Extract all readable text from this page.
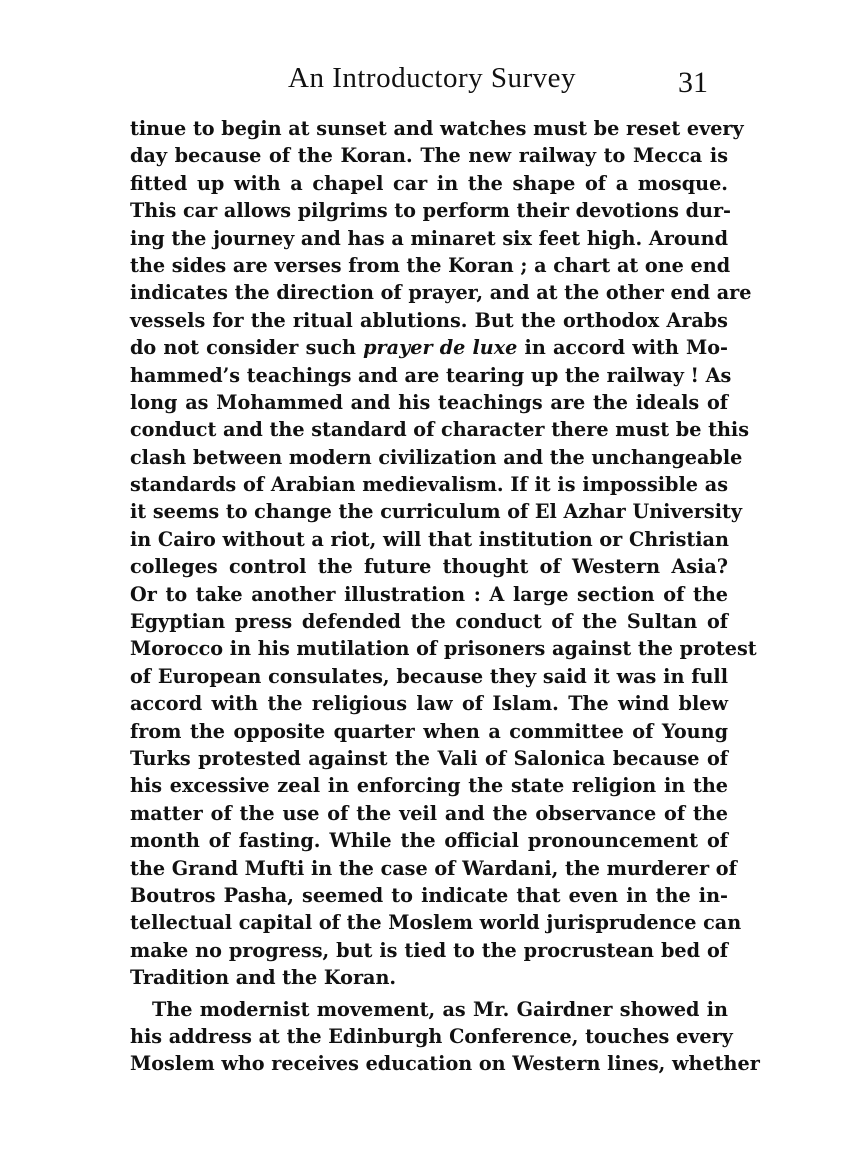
An Introductory Survey	31
tinue to begin at sunset and watches must be reset every
day because of the Koran. The new railway to Mecca is
fitted up with a chapel car in the shape of a mosque.
This car allows pilgrims to perform their devotions dur-
ing the journey and has a minaret six feet high. Around
the sides are verses from the Koran ; a chart at one end
indicates the direction of prayer, and at the other end are
vessels for the ritual ablutions. But the orthodox Arabs
do not consider such prayer de luxe in accord with Mo-
hammed’s teachings and are tearing up the railway ! As
long as Mohammed and his teachings are the ideals of
conduct and the standard of character there must be this
clash between modern civilization and the unchangeable
standards of Arabian medievalism. If it is impossible as
it seems to change the curriculum of El Azhar University
in Cairo without a riot, will that institution or Christian
colleges control the future thought of Western Asia?
Or to take another illustration : A large section of the
Egyptian press defended the conduct of the Sultan of
Morocco in his mutilation of prisoners against the protest
of European consulates, because they said it was in full
accord with the religious law of Islam. The wind blew
from the opposite quarter when a committee of Young
Turks protested against the Vali of Salonica because of
his excessive zeal in enforcing the state religion in the
matter of the use of the veil and the observance of the
month of fasting. While the official pronouncement of
the Grand Mufti in the case of Wardani, the murderer of
Boutros Pasha, seemed to indicate that even in the in-
tellectual capital of the Moslem world jurisprudence can
make no progress, but is tied to the procrustean bed of
Tradition and the Koran.
The modernist movement, as Mr. Gairdner showed in
his address at the Edinburgh Conference, touches every
Moslem who receives education on Western lines, whether
